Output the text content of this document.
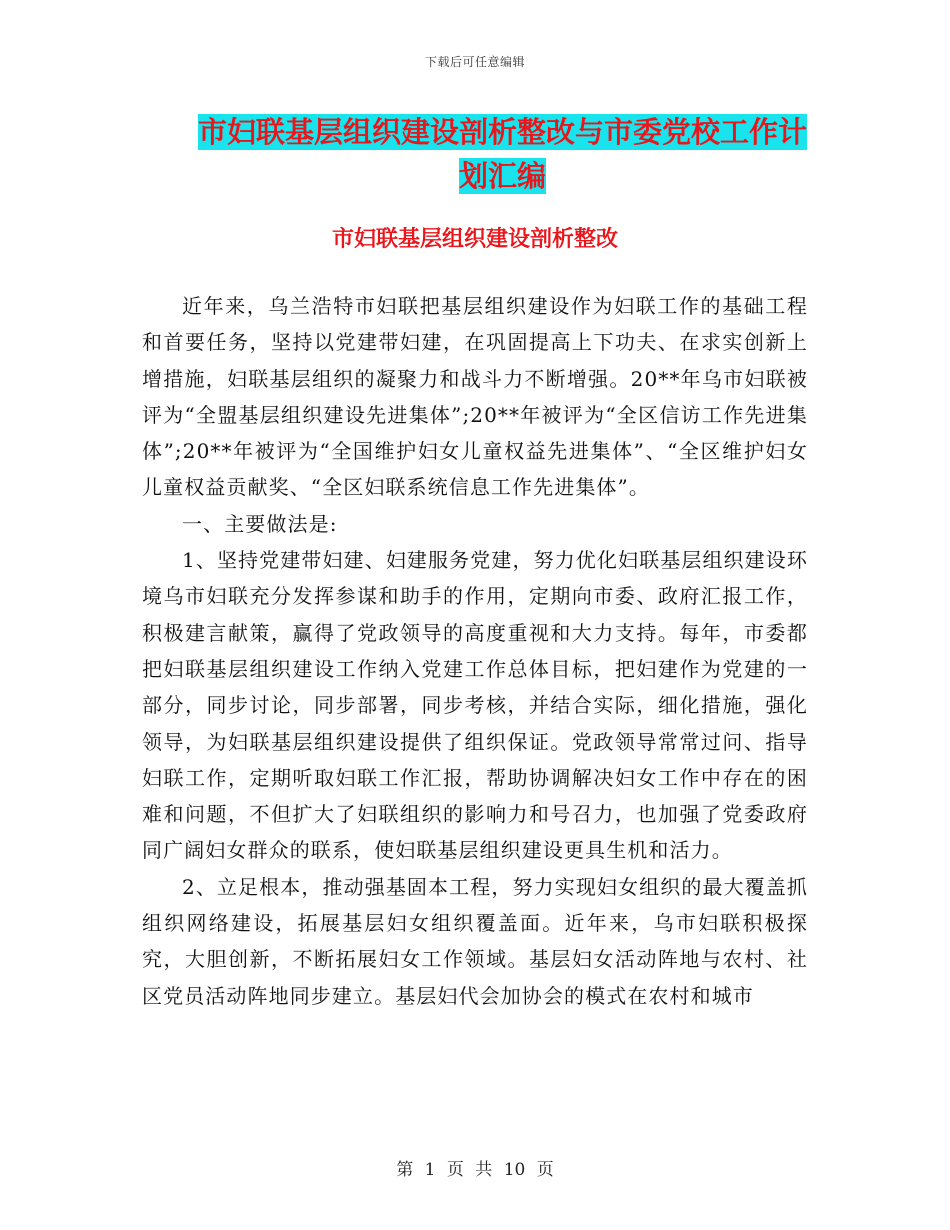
下载后可任意编辑
市妇联基层组织建设剖析整改与市委党校工作计划汇编
市妇联基层组织建设剖析整改

近年来，乌兰浩特市妇联把基层组织建设作为妇联工作的基础工程和首要任务，坚持以党建带妇建，在巩固提高上下功夫、在求实创新上增措施，妇联基层组织的凝聚力和战斗力不断增强。20**年乌市妇联被评为“全盟基层组织建设先进集体”;20**年被评为“全区信访工作先进集体”;20**年被评为“全国维护妇女儿童权益先进集体”、“全区维护妇女儿童权益贡献奖、“全区妇联系统信息工作先进集体”。

一、主要做法是:

1、坚持党建带妇建、妇建服务党建，努力优化妇联基层组织建设环境乌市妇联充分发挥参谋和助手的作用，定期向市委、政府汇报工作，积极建言献策，赢得了党政领导的高度重视和大力支持。每年，市委都把妇联基层组织建设工作纳入党建工作总体目标，把妇建作为党建的一部分，同步讨论，同步部署，同步考核，并结合实际，细化措施，强化领导，为妇联基层组织建设提供了组织保证。党政领导常常过问、指导妇联工作，定期听取妇联工作汇报，帮助协调解决妇女工作中存在的困难和问题，不但扩大了妇联组织的影响力和号召力，也加强了党委政府同广阔妇女群众的联系，使妇联基层组织建设更具生机和活力。

2、立足根本，推动强基固本工程，努力实现妇女组织的最大覆盖抓组织网络建设，拓展基层妇女组织覆盖面。近年来，乌市妇联积极探究，大胆创新，不断拓展妇女工作领域。基层妇女活动阵地与农村、社区党员活动阵地同步建立。基层妇代会加协会的模式在农村和城市

第 1 页 共 10 页
